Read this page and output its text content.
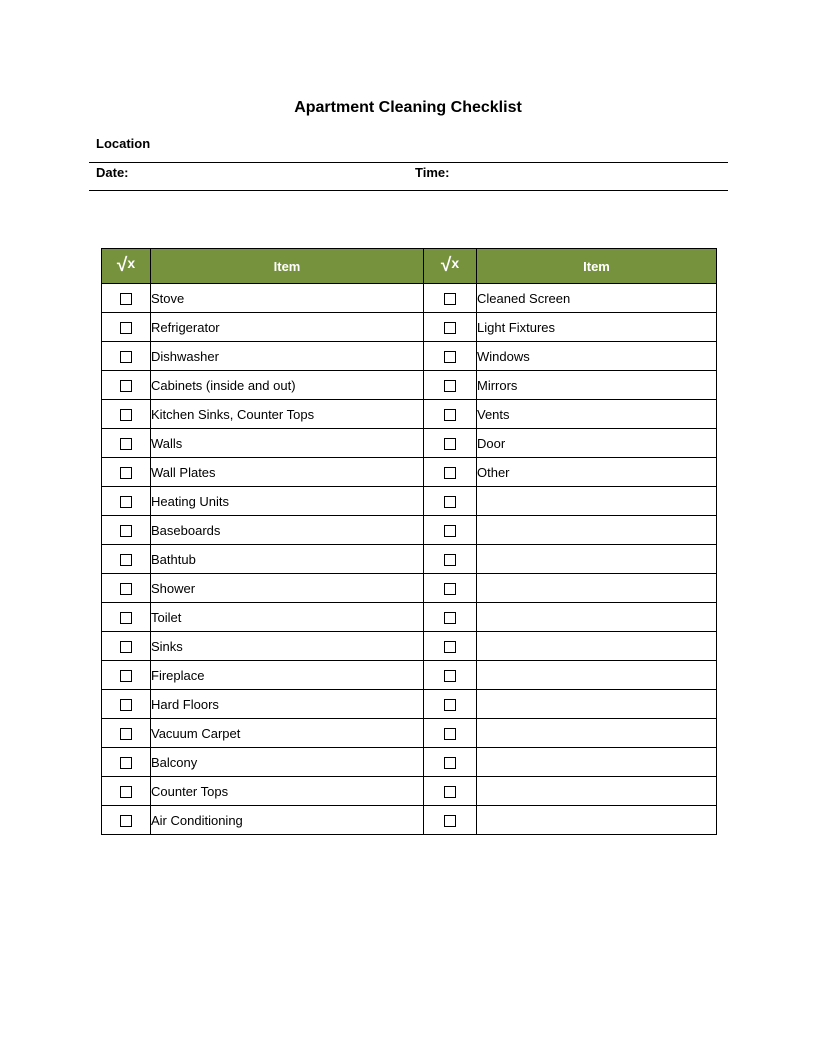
Apartment Cleaning Checklist
Location
Date:	Time:
√x	Item	√x	Item
	Stove		Cleaned Screen
	Refrigerator		Light Fixtures
	Dishwasher		Windows
	Cabinets (inside and out)		Mirrors
	Kitchen Sinks, Counter Tops		Vents
	Walls		Door
	Wall Plates		Other
	Heating Units		
	Baseboards		
	Bathtub		
	Shower		
	Toilet		
	Sinks		
	Fireplace		
	Hard Floors		
	Vacuum Carpet		
	Balcony		
	Counter Tops		
	Air Conditioning		
